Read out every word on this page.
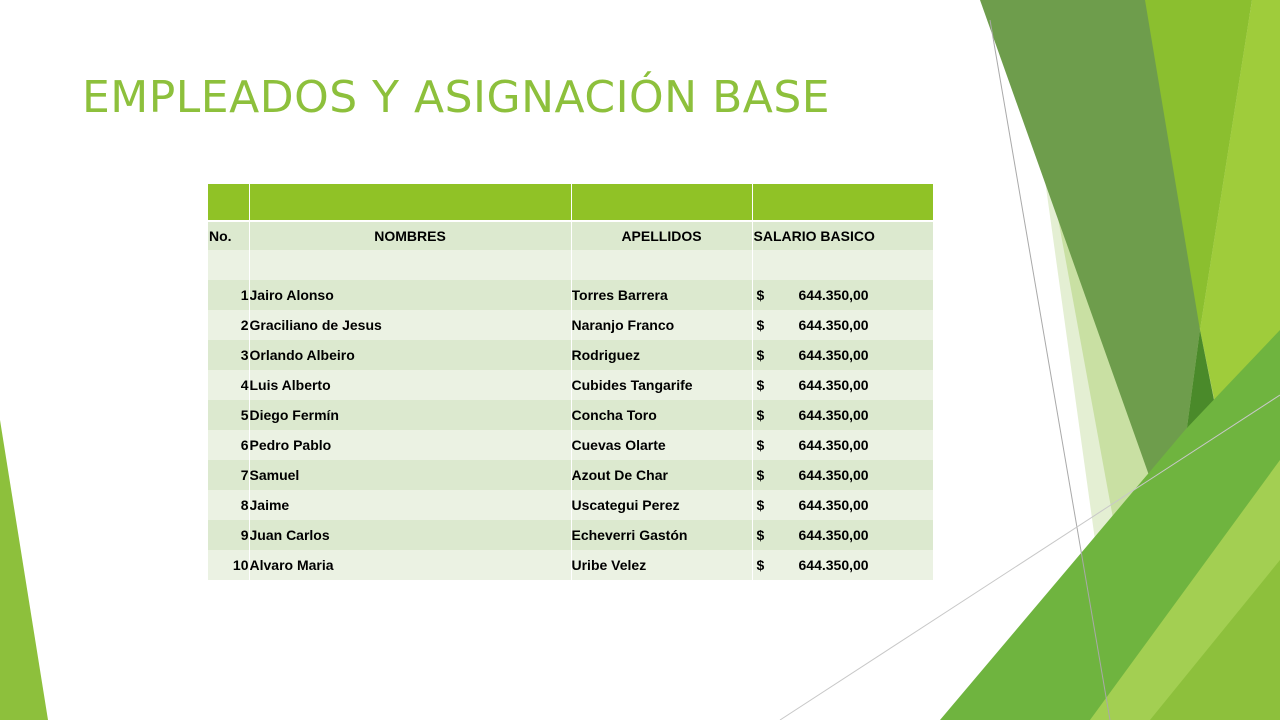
EMPLEADOS Y ASIGNACIÓN BASE

No.	NOMBRES	APELLIDOS	SALARIO BASICO

1	Jairo Alonso	Torres Barrera	$ 644.350,00
2	Graciliano de Jesus	Naranjo Franco	$ 644.350,00
3	Orlando Albeiro	Rodriguez	$ 644.350,00
4	Luis Alberto	Cubides Tangarife	$ 644.350,00
5	Diego Fermín	Concha Toro	$ 644.350,00
6	Pedro Pablo	Cuevas Olarte	$ 644.350,00
7	Samuel	Azout De Char	$ 644.350,00
8	Jaime	Uscategui Perez	$ 644.350,00
9	Juan Carlos	Echeverri Gastón	$ 644.350,00
10	Alvaro Maria	Uribe Velez	$ 644.350,00
